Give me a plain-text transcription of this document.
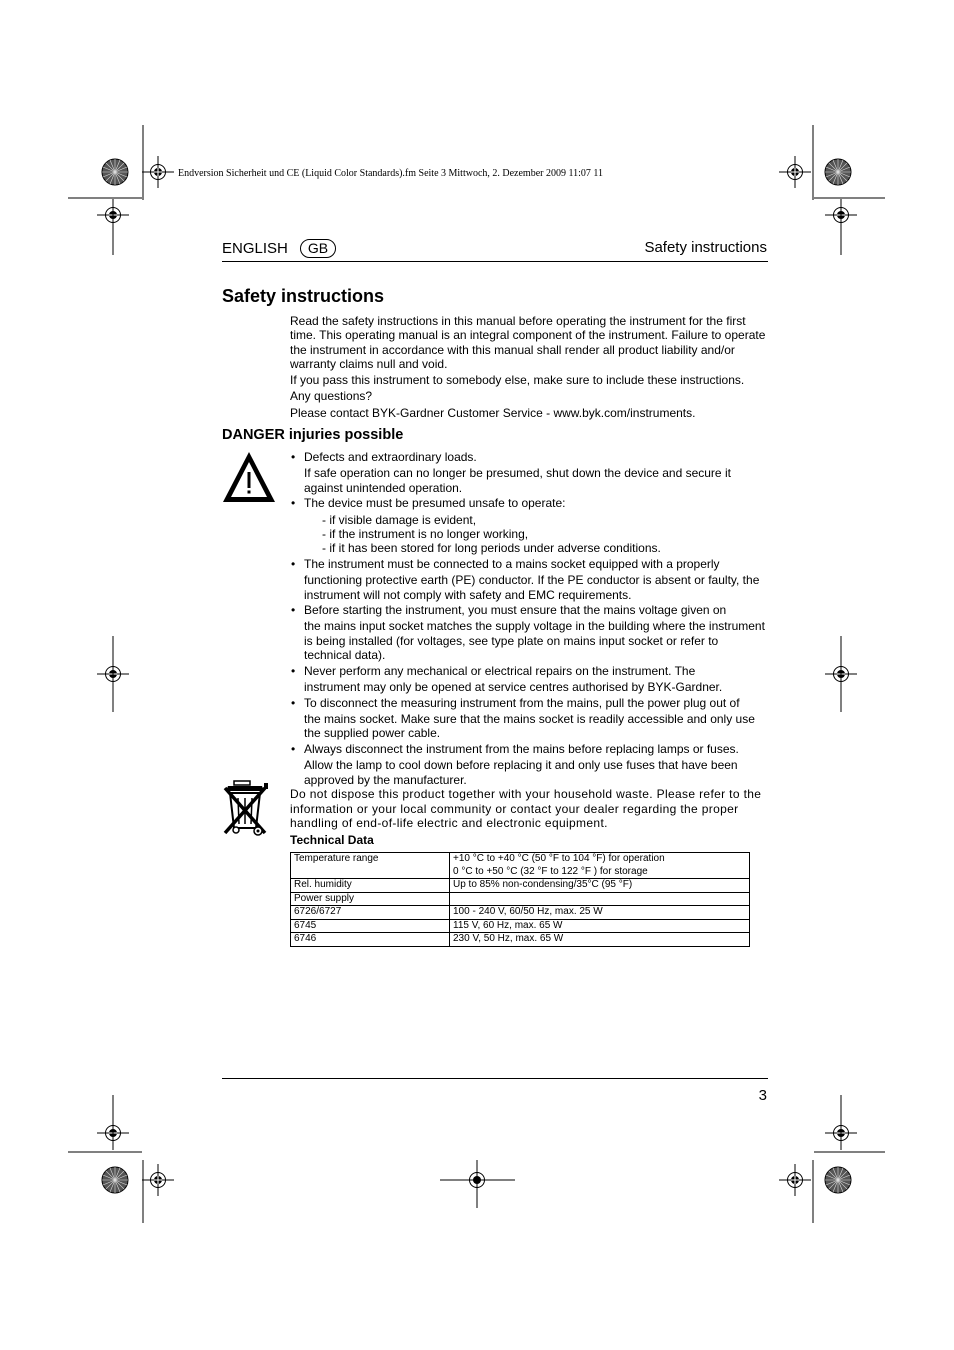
Endversion Sicherheit und CE (Liquid Color Standards).fm Seite 3 Mittwoch, 2. Dezember 2009 11:07 11
ENGLISH	GB	Safety instructions
Safety instructions

Read the safety instructions in this manual before operating the instrument for the first time. This operating manual is an integral component of the instrument. Failure to operate the instrument in accordance with this manual shall render all product liability and/or warranty claims null and void.

If you pass this instrument to somebody else, make sure to include these instructions.

Any questions?

Please contact BYK-Gardner Customer Service - www.byk.com/instruments.

DANGER injuries possible
• Defects and extraordinary loads.
If safe operation can no longer be presumed, shut down the device and secure it against unintended operation.
• The device must be presumed unsafe to operate:
- if visible damage is evident,
- if the instrument is no longer working,
- if it has been stored for long periods under adverse conditions.
• The instrument must be connected to a mains socket equipped with a properly
functioning protective earth (PE) conductor. If the PE conductor is absent or faulty, the instrument will not comply with safety and EMC requirements.
• Before starting the instrument, you must ensure that the mains voltage given on
the mains input socket matches the supply voltage in the building where the instrument is being installed (for voltages, see type plate on mains input socket or refer to technical data).
• Never perform any mechanical or electrical repairs on the instrument. The
instrument may only be opened at service centres authorised by BYK-Gardner.
• To disconnect the measuring instrument from the mains, pull the power plug out of
the mains socket. Make sure that the mains socket is readily accessible and only use the supplied power cable.
• Always disconnect the instrument from the mains before replacing lamps or fuses.
Allow the lamp to cool down before replacing it and only use fuses that have been approved by the manufacturer.
Do not dispose this product together with your household waste. Please refer to the information or your local community or contact your dealer regarding the proper handling of end-of-life electric and electronic equipment.
Technical Data
Temperature range	+10 °C to +40 °C (50 °F to 104 °F) for operation
0 °C to +50 °C (32 °F to 122 °F ) for storage
Rel. humidity	Up to 85% non-condensing/35°C (95 °F)
Power supply	
6726/6727	100 - 240 V, 60/50 Hz, max. 25 W
6745	115 V, 60 Hz, max. 65 W
6746	230 V, 50 Hz, max. 65 W
3
